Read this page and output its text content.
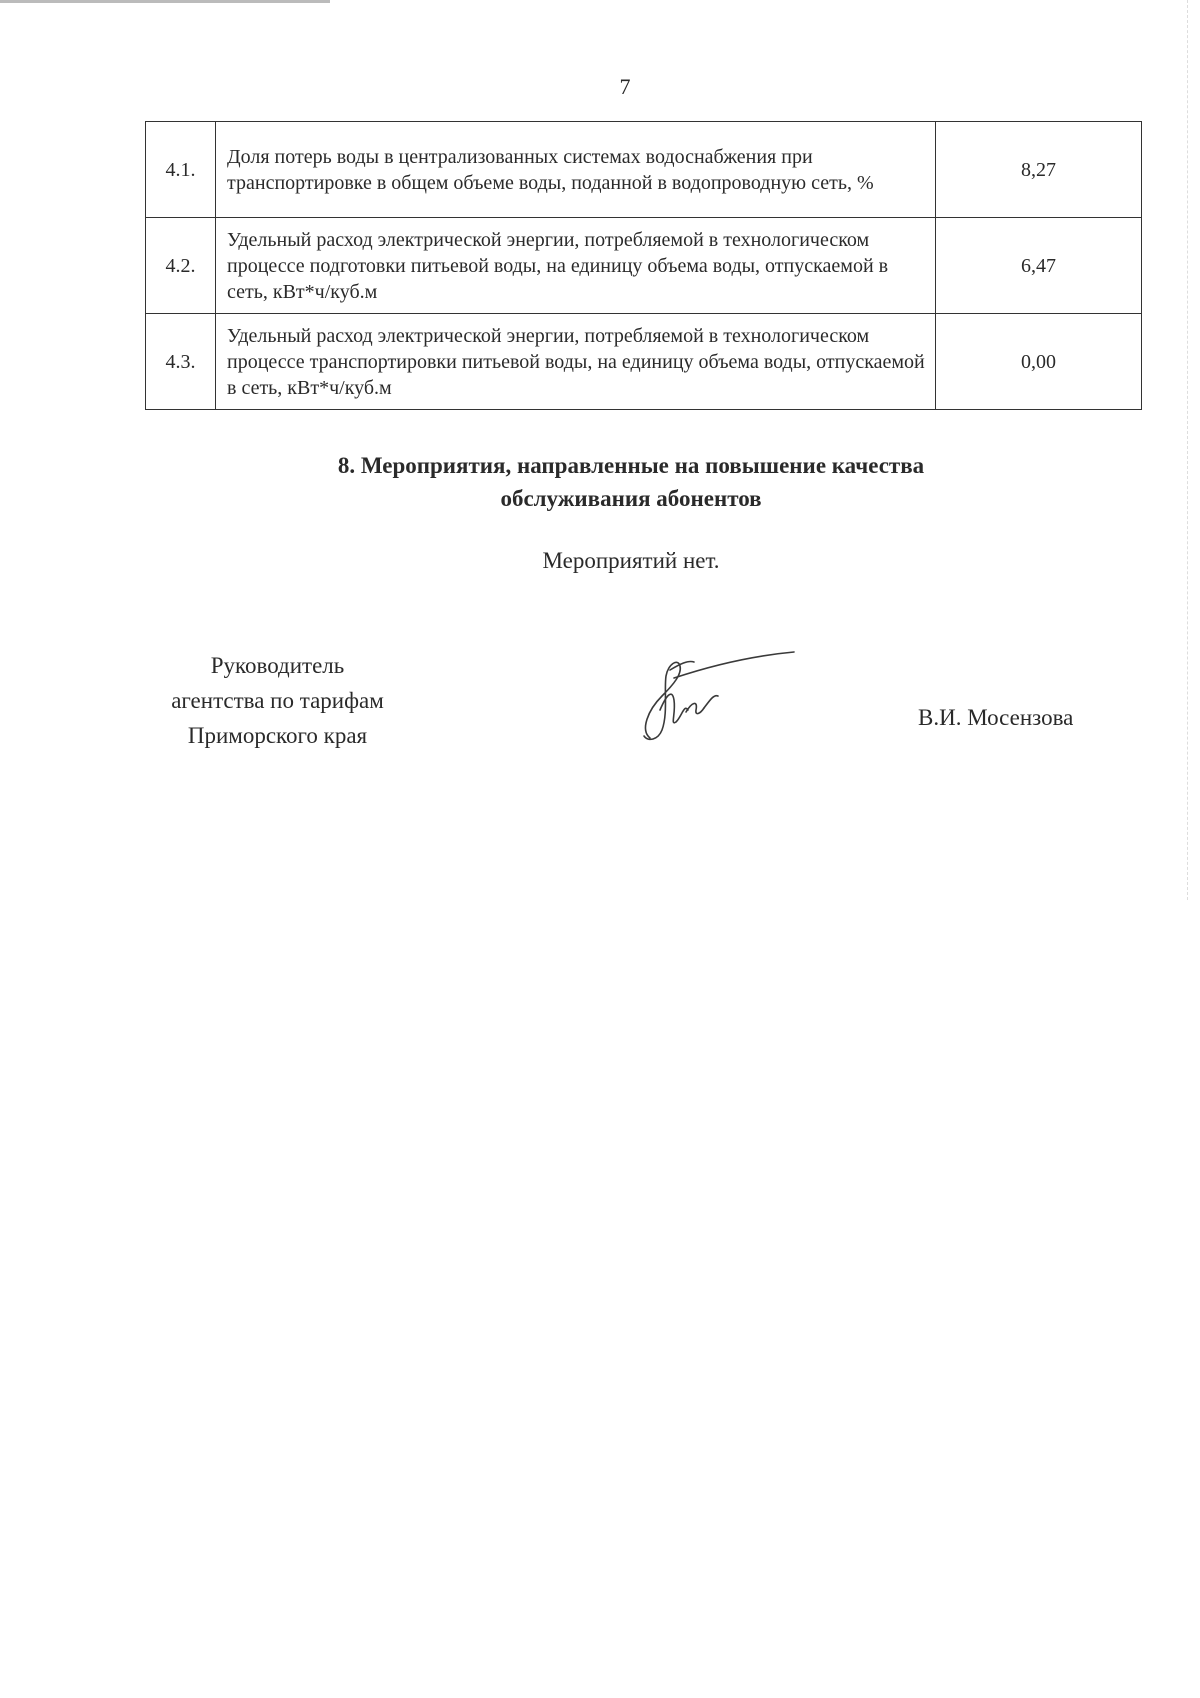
7
4.1.	Доля потерь воды в централизованных системах водоснабжения при транспортировке в общем объеме воды, поданной в водопроводную сеть, %	8,27
4.2.	Удельный расход электрической энергии, потребляемой в технологическом процессе подготовки питьевой воды, на единицу объема воды, отпускаемой в сеть, кВт*ч/куб.м	6,47
4.3.	Удельный расход электрической энергии, потребляемой в технологическом процессе транспортировки питьевой воды, на единицу объема воды, отпускаемой в сеть, кВт*ч/куб.м	0,00
8. Мероприятия, направленные на повышение качества
обслуживания абонентов
Мероприятий нет.
Руководитель
агентства по тарифам
Приморского края
В.И. Мосензова
